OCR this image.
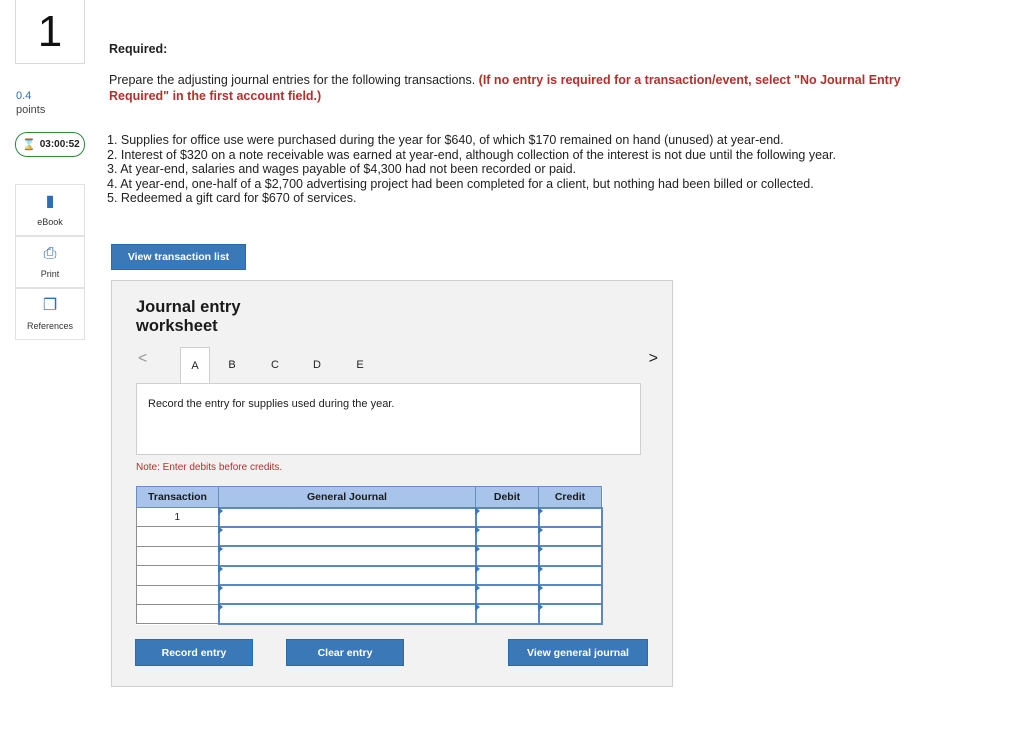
1
0.4
points
⌛ 03:00:52
▮
eBook
⎙
Print
❐
References
Required:
Prepare the adjusting journal entries for the following transactions. (If no entry is required for a transaction/event, select "No Journal Entry Required" in the first account field.)
1. Supplies for office use were purchased during the year for $640, of which $170 remained on hand (unused) at year-end.
2. Interest of $320 on a note receivable was earned at year-end, although collection of the interest is not due until the following year.
3. At year-end, salaries and wages payable of $4,300 had not been recorded or paid.
4. At year-end, one-half of a $2,700 advertising project had been completed for a client, but nothing had been billed or collected.
5. Redeemed a gift card for $670 of services.
View transaction list
Journal entry worksheet
<	A	B	C	D	E	>
Record the entry for supplies used during the year.
Note: Enter debits before credits.
Transaction	General Journal	Debit	Credit
1			

Record entry	Clear entry	View general journal
